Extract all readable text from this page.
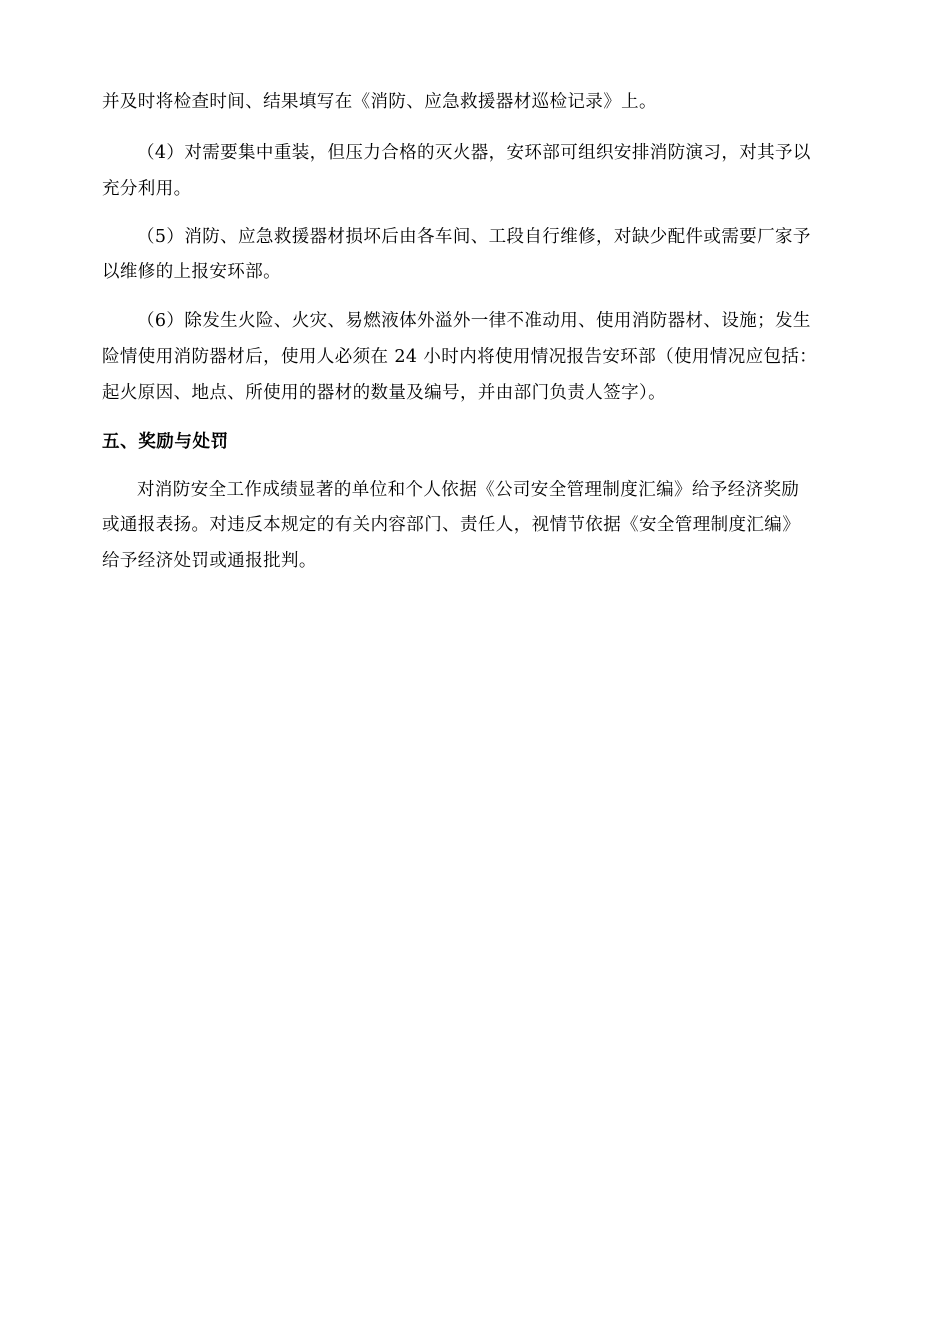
并及时将检查时间、结果填写在《消防、应急救援器材巡检记录》上。
（4）对需要集中重装，但压力合格的灭火器，安环部可组织安排消防演习，对其予以
充分利用。
（5）消防、应急救援器材损坏后由各车间、工段自行维修，对缺少配件或需要厂家予
以维修的上报安环部。
（6）除发生火险、火灾、易燃液体外溢外一律不准动用、使用消防器材、设施；发生
险情使用消防器材后，使用人必须在 24 小时内将使用情况报告安环部（使用情况应包括：
起火原因、地点、所使用的器材的数量及编号，并由部门负责人签字）。
五、奖励与处罚
对消防安全工作成绩显著的单位和个人依据《公司安全管理制度汇编》给予经济奖励
或通报表扬。对违反本规定的有关内容部门、责任人，视情节依据《安全管理制度汇编》
给予经济处罚或通报批判。
